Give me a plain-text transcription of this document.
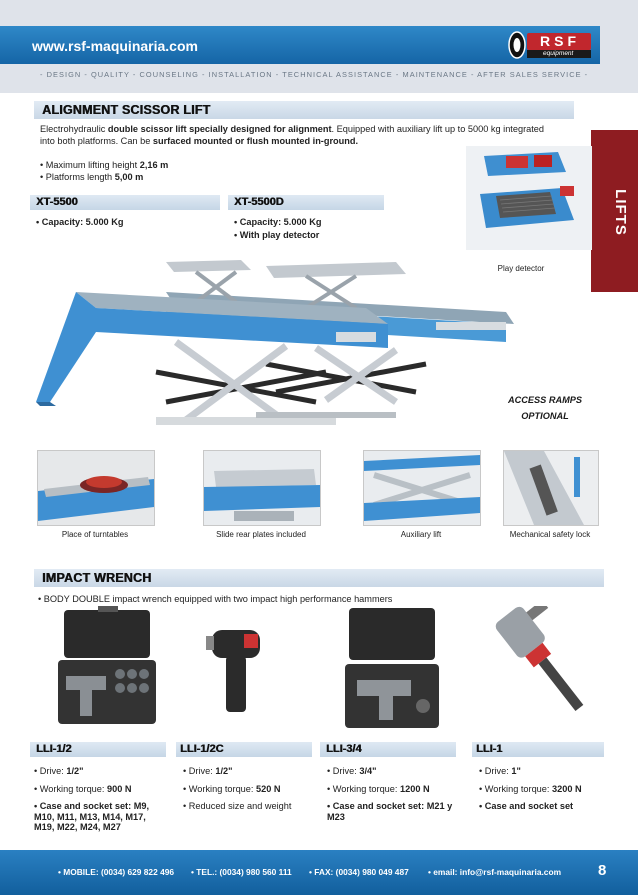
www.rsf-maquinaria.com	RSF
equipment
- DESIGN - QUALITY - COUNSELING - INSTALLATION - TECHNICAL ASSISTANCE - MAINTENANCE - AFTER SALES SERVICE -
LIFTS
ALIGNMENT SCISSOR LIFT
Electrohydraulic double scissor lift specially designed for alignment. Equipped with auxiliary lift up to 5000 kg integrated
into both platforms. Can be surfaced mounted or flush mounted in-ground.
• Maximum lifting height 2,16 m
• Platforms length 5,00 m
XT-5500	XT-5500D
• Capacity: 5.000 Kg	• Capacity: 5.000 Kg
• With play detector
Play detector
ACCESS RAMPS
OPTIONAL
Place of turntables	Slide rear plates included	Auxiliary lift	Mechanical safety lock
IMPACT WRENCH
• BODY DOUBLE impact wrench equipped with two impact high performance hammers
LLI-1/2	LLI-1/2C	LLI-3/4	LLI-1
• Drive: 1/2"
• Working torque: 900 N
• Case and socket set: M9, M10, M11, M13, M14, M17, M19, M22, M24, M27
• Drive: 1/2"
• Working torque: 520 N
• Reduced size and weight
• Drive: 3/4"
• Working torque: 1200 N
• Case and socket set: M21 y M23
• Drive: 1"
• Working torque: 3200 N
• Case and socket set
• MOBILE: (0034) 629 822 496 • TEL.: (0034) 980 560 111 • FAX: (0034) 980 049 487 • email: info@rsf-maquinaria.com 8
